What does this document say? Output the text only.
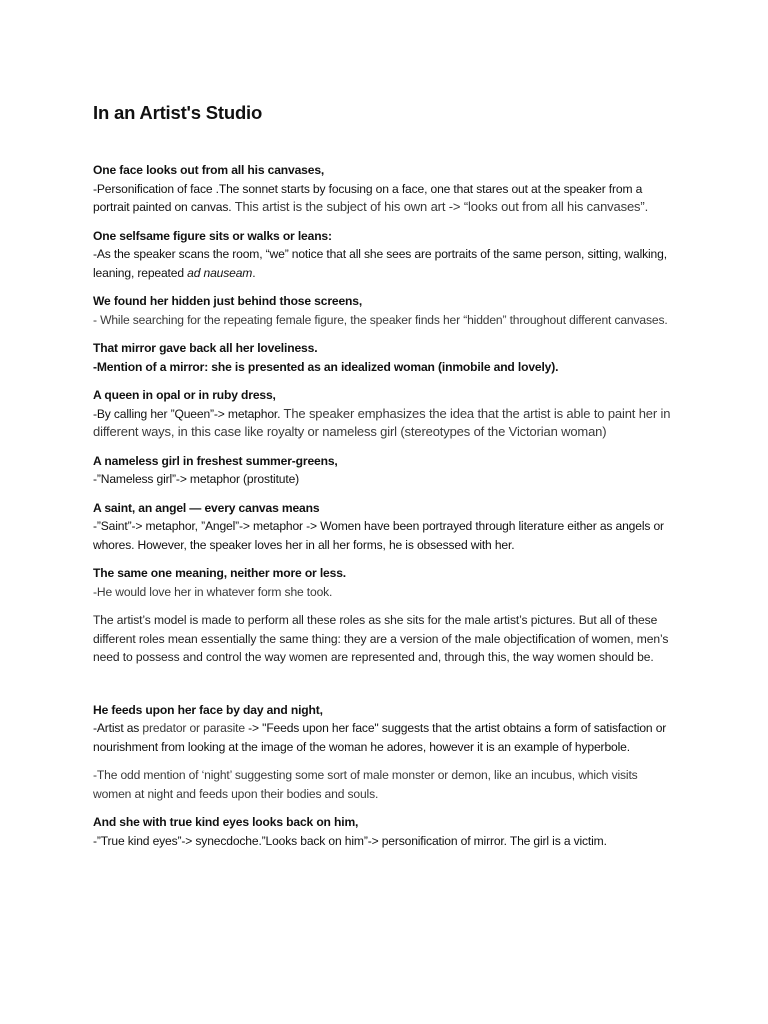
In an Artist's Studio
One face looks out from all his canvases,
-Personification of face .The sonnet starts by focusing on a face, one that stares out at the speaker from a portrait painted on canvas. This artist is the subject of his own art -> “looks out from all his canvases”.
One selfsame figure sits or walks or leans:
-As the speaker scans the room, “we” notice that all she sees are portraits of the same person, sitting, walking, leaning, repeated ad nauseam.
We found her hidden just behind those screens,
- While searching for the repeating female figure, the speaker finds her “hidden” throughout different canvases.
That mirror gave back all her loveliness.
-Mention of a mirror: she is presented as an idealized woman (inmobile and lovely).
A queen in opal or in ruby dress,
-By calling her ”Queen”-> metaphor. The speaker emphasizes the idea that the artist is able to paint her in different ways, in this case like royalty or nameless girl (stereotypes of the Victorian woman)
A nameless girl in freshest summer-greens,
-”Nameless girl”-> metaphor (prostitute)
A saint, an angel — every canvas means
-”Saint”-> metaphor, ”Angel”-> metaphor -> Women have been portrayed through literature either as angels or whores. However, the speaker loves her in all her forms, he is obsessed with her.
The same one meaning, neither more or less.
-He would love her in whatever form she took.
The artist’s model is made to perform all these roles as she sits for the male artist’s pictures. But all of these different roles mean essentially the same thing: they are a version of the male objectification of women, men’s need to possess and control the way women are represented and, through this, the way women should be.
He feeds upon her face by day and night,
-Artist as predator or parasite -> "Feeds upon her face" suggests that the artist obtains a form of satisfaction or nourishment from looking at the image of the woman he adores, however it is an example of hyperbole.
-The odd mention of ‘night’ suggesting some sort of male monster or demon, like an incubus, which visits women at night and feeds upon their bodies and souls.
And she with true kind eyes looks back on him,
-”True kind eyes”-> synecdoche.”Looks back on him”-> personification of mirror. The girl is a victim.
